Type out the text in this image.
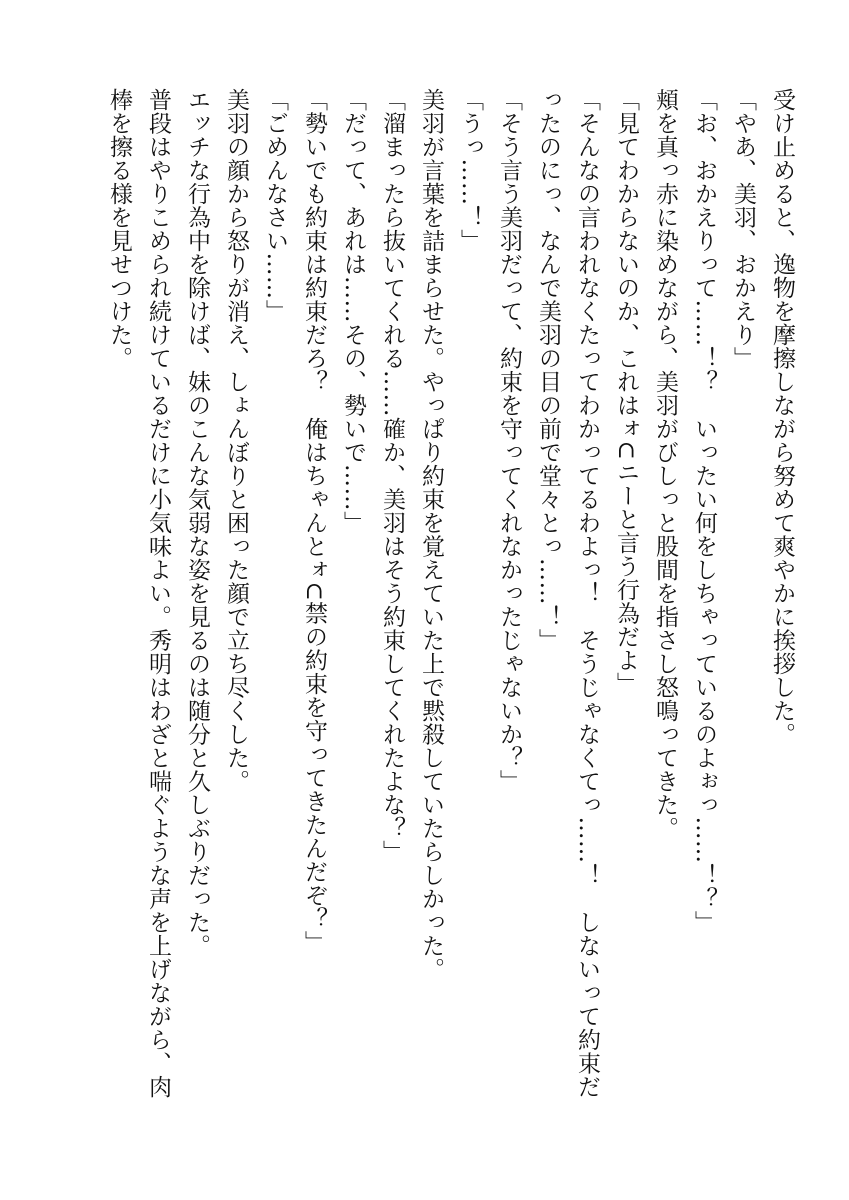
受け止めると、逸物を摩擦しながら努めて爽やかに挨拶した。

「やあ、美羽、おかえり」

「お、おかえりって……！？　いったい何をしちゃっているのよぉっ……！？」

頬を真っ赤に染めながら、美羽がびしっと股間を指さし怒鳴ってきた。

「見てわからないのか、これはォ⊂ニーと言う行為だよ」

「そんなの言われなくたってわかってるわよっ！　そうじゃなくてっ……！　しないって約束だ

ったのにっ、なんで美羽の目の前で堂々とっ……！」

「そう言う美羽だって、約束を守ってくれなかったじゃないか？」

「うっ……！」

美羽が言葉を詰まらせた。やっぱり約束を覚えていた上で黙殺していたらしかった。

「溜まったら抜いてくれる……確か、美羽はそう約束してくれたよな？」

「だって、あれは……その、勢いで……」

「勢いでも約束は約束だろ？　俺はちゃんとォ⊂禁の約束を守ってきたんだぞ？」

「ごめんなさい……」

美羽の顔から怒りが消え、しょんぼりと困った顔で立ち尽くした。

エッチな行為中を除けば、妹のこんな気弱な姿を見るのは随分と久しぶりだった。

普段はやりこめられ続けているだけに小気味よい。秀明はわざと喘ぐような声を上げながら、肉

棒を擦る様を見せつけた。
